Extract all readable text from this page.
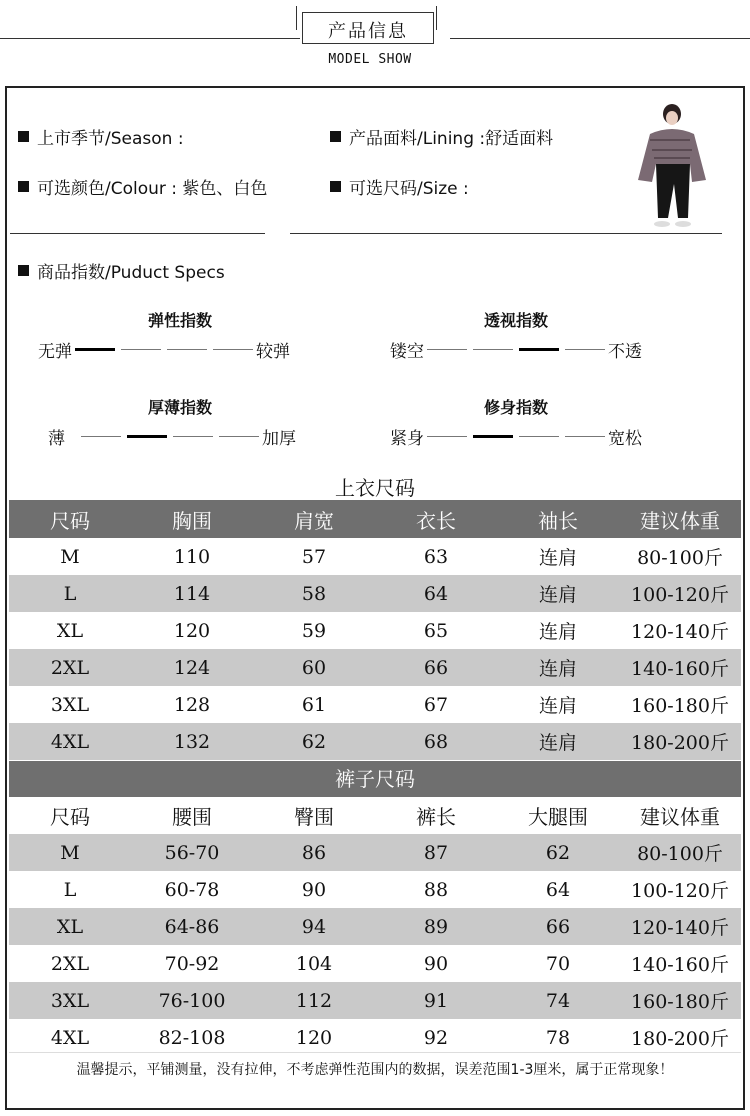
产品信息
MODEL SHOW
上市季节/Season :	产品面料/Lining :舒适面料
可选颜色/Colour : 紫色、白色	可选尺码/Size :
商品指数/Puduct Specs
弹性指数
无弹	较弹
透视指数
镂空	不透
厚薄指数
薄	加厚
修身指数
紧身	宽松
上衣尺码
尺码	胸围	肩宽	衣长	袖长	建议体重
M	110	57	63	连肩	80-100斤
L	114	58	64	连肩	100-120斤
XL	120	59	65	连肩	120-140斤
2XL	124	60	66	连肩	140-160斤
3XL	128	61	67	连肩	160-180斤
4XL	132	62	68	连肩	180-200斤
裤子尺码
尺码	腰围	臀围	裤长	大腿围	建议体重
M	56-70	86	87	62	80-100斤
L	60-78	90	88	64	100-120斤
XL	64-86	94	89	66	120-140斤
2XL	70-92	104	90	70	140-160斤
3XL	76-100	112	91	74	160-180斤
4XL	82-108	120	92	78	180-200斤
温馨提示，平铺测量，没有拉伸，不考虑弹性范围内的数据，误差范围1-3厘米，属于正常现象！
